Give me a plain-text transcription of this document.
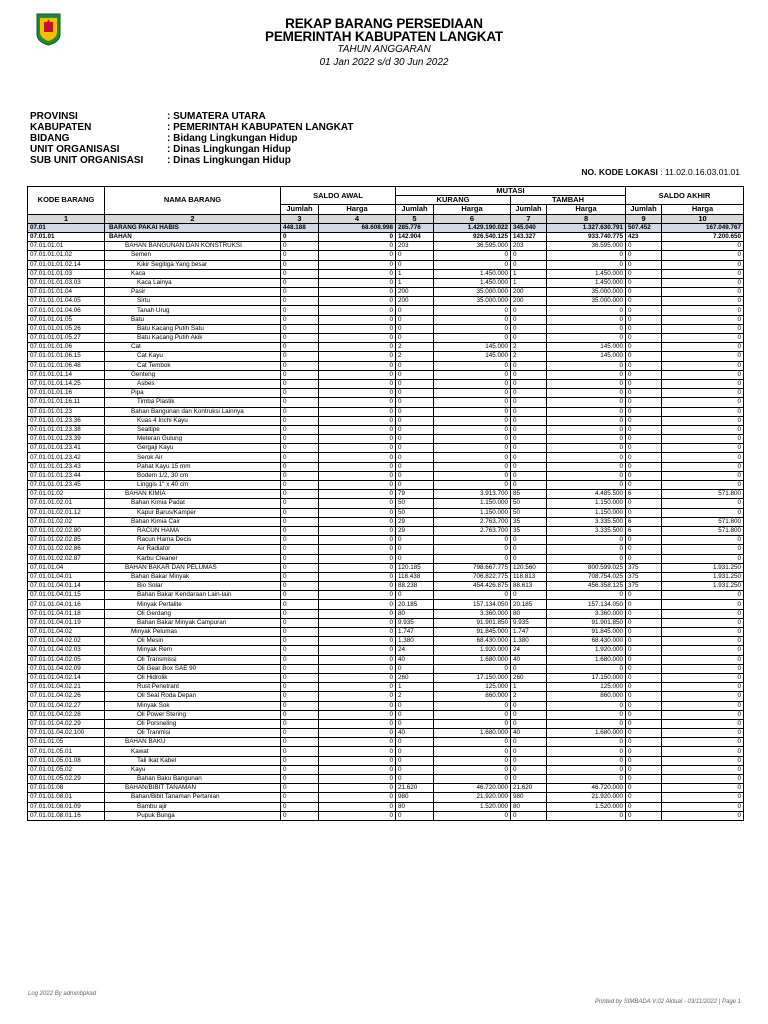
REKAP BARANG PERSEDIAAN
PEMERINTAH KABUPATEN LANGKAT
TAHUN ANGGARAN
01 Jan 2022 s/d 30 Jun 2022
PROVINSI	: SUMATERA UTARA
KABUPATEN	: PEMERINTAH KABUPATEN LANGKAT
BIDANG	: Bidang Lingkungan Hidup
UNIT ORGANISASI	: Dinas Lingkungan Hidup
SUB UNIT ORGANISASI	: Dinas Lingkungan Hidup
NO. KODE LOKASI : 11.02.0.16.03.01.01
KODE BARANG	NAMA BARANG	SALDO AWAL		MUTASI				SALDO AKHIR	
				KURANG		TAMBAH			
		Jumlah	Harga	Jumlah	Harga	Jumlah	Harga	Jumlah	Harga
1	2	3	4	5	6	7	8	9	10
07.01	BARANG PAKAI HABIS	448.188	68.608.998	285.776	1.429.190.022	345.040	1.327.630.791	507.452	167.049.767
07.01.01	BAHAN	0	0	142.904	926.540.125	143.327	933.740.775	423	7.200.650
07.01.01.01	BAHAN BANGUNAN DAN KONSTRUKSI	0	0	203	36.595.000	203	36.595.000	0	0
07.01.01.01.02	Semen	0	0	0	0	0	0	0	0
07.01.01.01.02.14	Kikir Segitiga Yang besar	0	0	0	0	0	0	0	0
07.01.01.01.03	Kaca	0	0	1	1.450.000	1	1.450.000	0	0
07.01.01.01.03.03	Kaca Lainya	0	0	1	1.450.000	1	1.450.000	0	0
07.01.01.01.04	Pasir	0	0	200	35.000.000	200	35.000.000	0	0
07.01.01.01.04.05	Sirtu	0	0	200	35.000.000	200	35.000.000	0	0
07.01.01.01.04.06	Tanah Urug	0	0	0	0	0	0	0	0
07.01.01.01.05	Batu	0	0	0	0	0	0	0	0
07.01.01.01.05.26	Batu Kacang Putih Satu	0	0	0	0	0	0	0	0
07.01.01.01.05.27	Batu Kacang Putih Akik	0	0	0	0	0	0	0	0
07.01.01.01.06	Cat	0	0	2	145.000	2	145.000	0	0
07.01.01.01.06.15	Cat Kayu	0	0	2	145.000	2	145.000	0	0
07.01.01.01.06.48	Cat Tembok	0	0	0	0	0	0	0	0
07.01.01.01.14	Genteng	0	0	0	0	0	0	0	0
07.01.01.01.14.25	Asbes	0	0	0	0	0	0	0	0
07.01.01.01.16	Pipa	0	0	0	0	0	0	0	0
07.01.01.01.16.11	Timba Plastik	0	0	0	0	0	0	0	0
07.01.01.01.23	Bahan Bangunan dan Kontruksi Lainnya	0	0	0	0	0	0	0	0
07.01.01.01.23.36	Kuas 4 Inchi Kayu	0	0	0	0	0	0	0	0
07.01.01.01.23.38	Sealtipe	0	0	0	0	0	0	0	0
07.01.01.01.23.39	Meteran Gulung	0	0	0	0	0	0	0	0
07.01.01.01.23.41	Gergaji Kayu	0	0	0	0	0	0	0	0
07.01.01.01.23.42	Serok Air	0	0	0	0	0	0	0	0
07.01.01.01.23.43	Pahat Kayu 15 mm	0	0	0	0	0	0	0	0
07.01.01.01.23.44	Bodem 1/2, 30 cm	0	0	0	0	0	0	0	0
07.01.01.01.23.45	Linggis 1" x 40 cm	0	0	0	0	0	0	0	0
07.01.01.02	BAHAN KIMIA	0	0	79	3.913.700	85	4.485.500	6	571.800
07.01.01.02.01	Bahan Kimia Padat	0	0	50	1.150.000	50	1.150.000	0	0
07.01.01.02.01.12	Kapur Barus/Kamper	0	0	50	1.150.000	50	1.150.000	0	0
07.01.01.02.02	Bahan Kimia Cair	0	0	29	2.763.700	35	3.335.500	6	571.800
07.01.01.02.02.80	RACUN HAMA	0	0	29	2.763.700	35	3.335.500	6	571.800
07.01.01.02.02.85	Racun Hama Decis	0	0	0	0	0	0	0	0
07.01.01.02.02.86	Air Radiator	0	0	0	0	0	0	0	0
07.01.01.02.02.87	Karbu Cleaner	0	0	0	0	0	0	0	0
07.01.01.04	BAHAN BAKAR DAN PELUMAS	0	0	120.185	798.667.775	120.560	800.599.025	375	1.931.250
07.01.01.04.01	Bahan Bakar Minyak	0	0	118.438	706.822.775	118.813	708.754.025	375	1.931.250
07.01.01.04.01.14	Bio Solar	0	0	88.238	454.426.875	88.613	456.358.125	375	1.931.250
07.01.01.04.01.15	Bahan Bakar Kendaraan Lain-lain	0	0	0	0	0	0	0	0
07.01.01.04.01.16	Minyak Pertalite	0	0	20.185	157.134.050	20.185	157.134.050	0	0
07.01.01.04.01.18	Oli Gerdang	0	0	80	3.360.000	80	3.360.000	0	0
07.01.01.04.01.19	Bahan Bakar Minyak Campuran	0	0	9.935	91.901.850	9.935	91.901.850	0	0
07.01.01.04.02	Minyak Pelumas	0	0	1.747	91.845.000	1.747	91.845.000	0	0
07.01.01.04.02.02	Oli Mesin	0	0	1.380	68.430.000	1.380	68.430.000	0	0
07.01.01.04.02.03	Minyak Rem	0	0	24	1.920.000	24	1.920.000	0	0
07.01.01.04.02.05	Oli Transmissi	0	0	40	1.680.000	40	1.680.000	0	0
07.01.01.04.02.09	Oli Gear Box SAE 90	0	0	0	0	0	0	0	0
07.01.01.04.02.14	Oli Hidrolik	0	0	260	17.150.000	260	17.150.000	0	0
07.01.01.04.02.21	Rust Penetrant	0	0	1	125.000	1	125.000	0	0
07.01.01.04.02.26	Oli Seal Roda Depan	0	0	2	860.000	2	860.000	0	0
07.01.01.04.02.27	Minyak Sok	0	0	0	0	0	0	0	0
07.01.01.04.02.28	Oli Power Stering	0	0	0	0	0	0	0	0
07.01.01.04.02.29	Oli Porsneling	0	0	0	0	0	0	0	0
07.01.01.04.02.100	Oli Tranmisi	0	0	40	1.680.000	40	1.680.000	0	0
07.01.01.05	BAHAN BAKU	0	0	0	0	0	0	0	0
07.01.01.05.01	Kawat	0	0	0	0	0	0	0	0
07.01.01.05.01.08	Tali Ikat Kabel	0	0	0	0	0	0	0	0
07.01.01.05.02	Kayu	0	0	0	0	0	0	0	0
07.01.01.05.02.29	Bahan Baku Bangunan	0	0	0	0	0	0	0	0
07.01.01.08	BAHAN/BIBIT TANAMAN	0	0	21.620	46.720.000	21.620	46.720.000	0	0
07.01.01.08.01	Bahan/Bibit Tanaman Pertanian	0	0	980	21.920.000	980	21.920.000	0	0
07.01.01.08.01.09	Bambu ajir	0	0	80	1.520.000	80	1.520.000	0	0
07.01.01.08.01.16	Pupuk Bunga	0	0	0	0	0	0	0	0
Log 2022 By adminbpkad
Printed by SIMBADA V.02 Aktual - 03/11/2022 | Page 1
